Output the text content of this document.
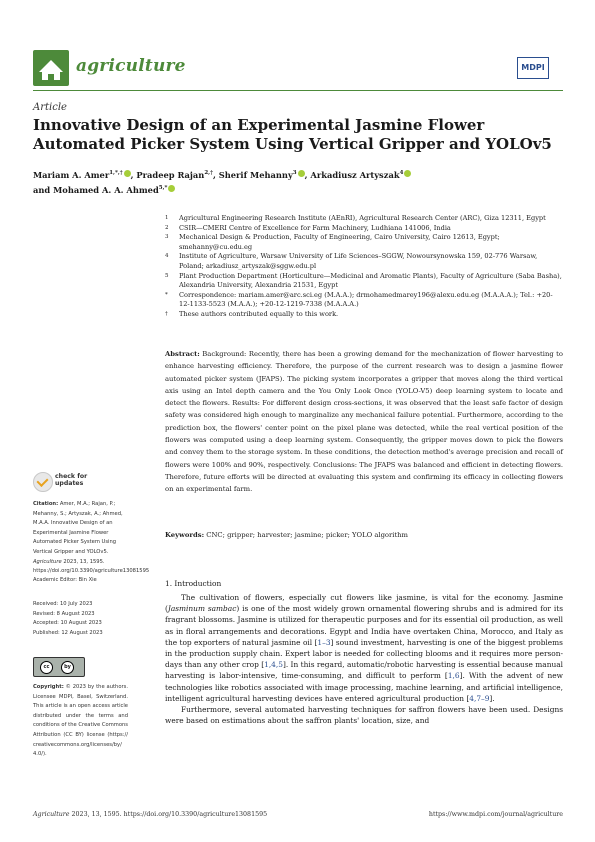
agriculture	MDPI
Article
Innovative Design of an Experimental Jasmine Flower
Automated Picker System Using Vertical Gripper and YOLOv5
Mariam A. Amer$^{1,*,\dagger}$ , Pradeep Rajan$^{2,\dagger}$, Sherif Mehanny$^3$ , Arkadiusz Artyszak$^4$
and Mohamed A. A. Ahmed$^{5,*}$
1	Agricultural Engineering Research Institute (AEnRI), Agricultural Research Center (ARC), Giza 12311, Egypt
2	CSIR—CMERI Centre of Excellence for Farm Machinery, Ludhiana 141006, India
3	Mechanical Design & Production, Faculty of Engineering, Cairo University, Cairo 12613, Egypt; smehanny@cu.edu.eg
4	Institute of Agriculture, Warsaw University of Life Sciences–SGGW, Nowoursynowska 159, 02-776 Warsaw, Poland; arkadiusz_artyszak@sggw.edu.pl
5	Plant Production Department (Horticulture—Medicinal and Aromatic Plants), Faculty of Agriculture (Saba Basha), Alexandria University, Alexandria 21531, Egypt
*	Correspondence: mariam.amer@arc.sci.eg (M.A.A.); drmohamedmarey196@alexu.edu.eg (M.A.A.A.); Tel.: +20-12-1133-5523 (M.A.A.); +20-12-1219-7338 (M.A.A.A.)
†	These authors contributed equally to this work.
Abstract: Background: Recently, there has been a growing demand for the mechanization of flower harvesting to enhance harvesting efficiency. Therefore, the purpose of the current research was to design a jasmine flower automated picker system (JFAPS). The picking system incorporates a gripper that moves along the third vertical axis using an Intel depth camera and the You Only Look Once (YOLO-V5) deep learning system to locate and detect the flowers. Results: For different design cross-sections, it was observed that the least safe factor of design safety was considered high enough to marginalize any mechanical failure potential. Furthermore, according to the prediction box, the flowers' center point on the pixel plane was detected, while the real vertical position of the flowers was computed using a deep learning system. Consequently, the gripper moves down to pick the flowers and convey them to the storage system. In these conditions, the detection method's average precision and recall of flowers were 100% and 90%, respectively. Conclusions: The JFAPS was balanced and efficient in detecting flowers. Therefore, future efforts will be directed at evaluating this system and confirming its efficacy in collecting flowers on an experimental farm.
Keywords: CNC; gripper; harvester; jasmine; picker; YOLO algorithm
check for
updates
Citation: Amer, M.A.; Rajan, P.; Mehanny, S.; Artyszak, A.; Ahmed, M.A.A. Innovative Design of an Experimental Jasmine Flower Automated Picker System Using Vertical Gripper and YOLOv5. Agriculture 2023, 13, 1595. https://doi.org/10.3390/agriculture13081595
Academic Editor: Bin Xie
Received: 10 July 2023
Revised: 8 August 2023
Accepted: 10 August 2023
Published: 12 August 2023
cc	by
Copyright: © 2023 by the authors. Licensee MDPI, Basel, Switzerland. This article is an open access article distributed under the terms and conditions of the Creative Commons Attribution (CC BY) license (https:// creativecommons.org/licenses/by/ 4.0/).
1. Introduction

The cultivation of flowers, especially cut flowers like jasmine, is vital for the economy. Jasmine (Jasminum sambac) is one of the most widely grown ornamental flowering shrubs and is admired for its fragrant blossoms. Jasmine is utilized for therapeutic purposes and for its essential oil production, as well as in floral arrangements and decorations. Egypt and India have overtaken China, Morocco, and Italy as the top exporters of natural jasmine oil [1–3] sound investment, harvesting is one of the biggest problems in the production supply chain. Expert labor is needed for collecting blooms and it requires more person-days than any other crop [1,4,5]. In this regard, automatic/robotic harvesting is essential because manual harvesting is labor-intensive, time-consuming, and difficult to perform [1,6]. With the advent of new technologies like robotics associated with image processing, machine learning, and artificial intelligence, intelligent agricultural harvesting devices have entered agricultural production [4,7–9].

Furthermore, several automated harvesting techniques for saffron flowers have been used. Designs were based on estimations about the saffron plants' location, size, and

Agriculture 2023, 13, 1595. https://doi.org/10.3390/agriculture13081595	https://www.mdpi.com/journal/agriculture
